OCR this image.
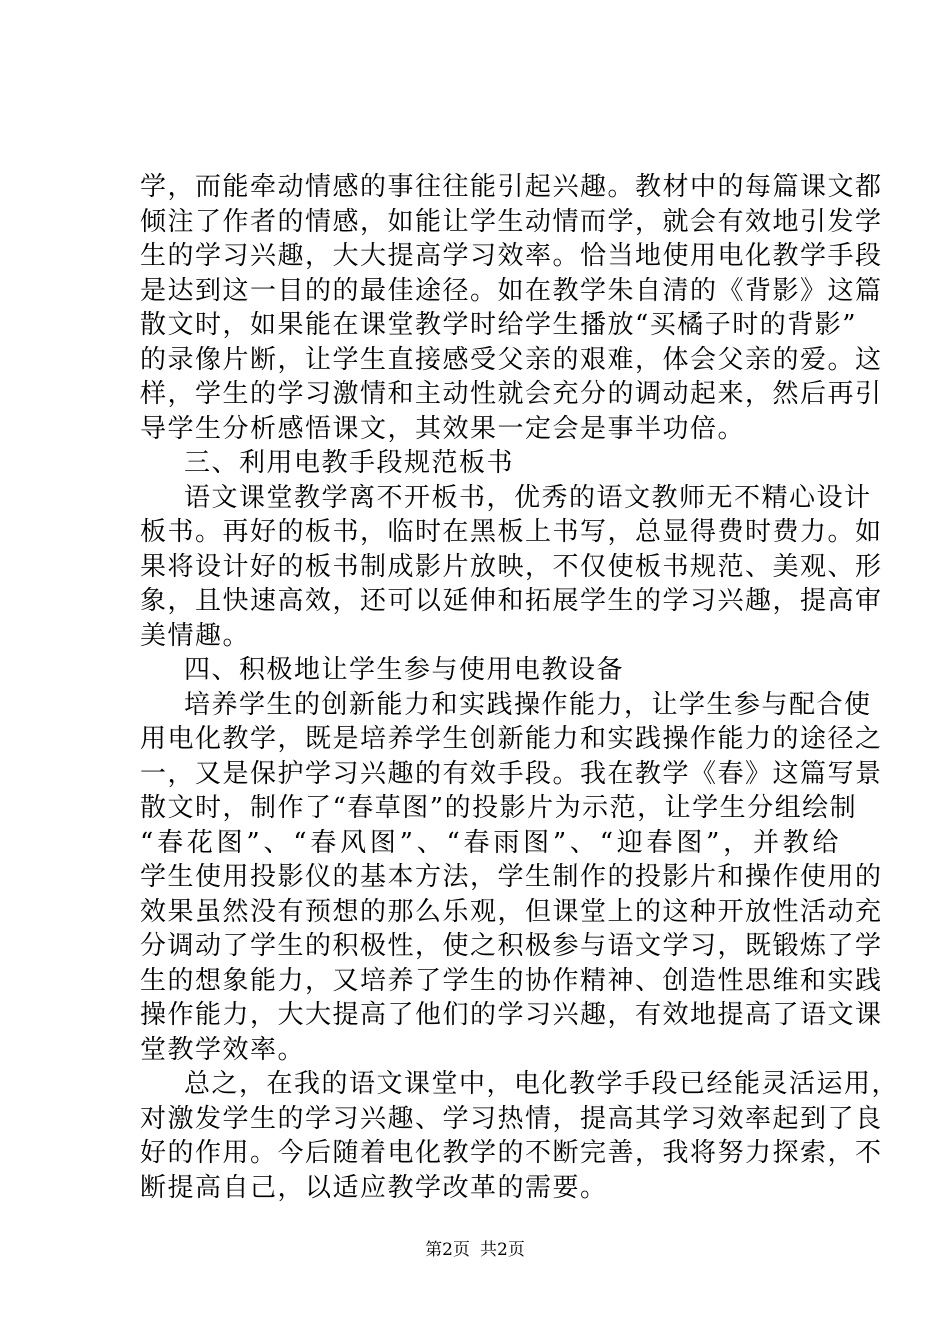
学，而能牵动情感的事往往能引起兴趣。教材中的每篇课文都
倾注了作者的情感，如能让学生动情而学，就会有效地引发学
生的学习兴趣，大大提高学习效率。恰当地使用电化教学手段
是达到这一目的的最佳途径。如在教学朱自清的《背影》这篇
散文时，如果能在课堂教学时给学生播放“买橘子时的背影”
的录像片断，让学生直接感受父亲的艰难，体会父亲的爱。这
样，学生的学习激情和主动性就会充分的调动起来，然后再引
导学生分析感悟课文，其效果一定会是事半功倍。
三、利用电教手段规范板书
语文课堂教学离不开板书，优秀的语文教师无不精心设计
板书。再好的板书，临时在黑板上书写，总显得费时费力。如
果将设计好的板书制成影片放映，不仅使板书规范、美观、形
象，且快速高效，还可以延伸和拓展学生的学习兴趣，提高审
美情趣。
四、积极地让学生参与使用电教设备
培养学生的创新能力和实践操作能力，让学生参与配合使
用电化教学，既是培养学生创新能力和实践操作能力的途径之
一，又是保护学习兴趣的有效手段。我在教学《春》这篇写景
散文时，制作了“春草图”的投影片为示范，让学生分组绘制
“春花图”、“春风图”、“春雨图”、“迎春图”，并教给
学生使用投影仪的基本方法，学生制作的投影片和操作使用的
效果虽然没有预想的那么乐观，但课堂上的这种开放性活动充
分调动了学生的积极性，使之积极参与语文学习，既锻炼了学
生的想象能力，又培养了学生的协作精神、创造性思维和实践
操作能力，大大提高了他们的学习兴趣，有效地提高了语文课
堂教学效率。
总之，在我的语文课堂中，电化教学手段已经能灵活运用，
对激发学生的学习兴趣、学习热情，提高其学习效率起到了良
好的作用。今后随着电化教学的不断完善，我将努力探索，不
断提高自己，以适应教学改革的需要。
第2页 共2页
